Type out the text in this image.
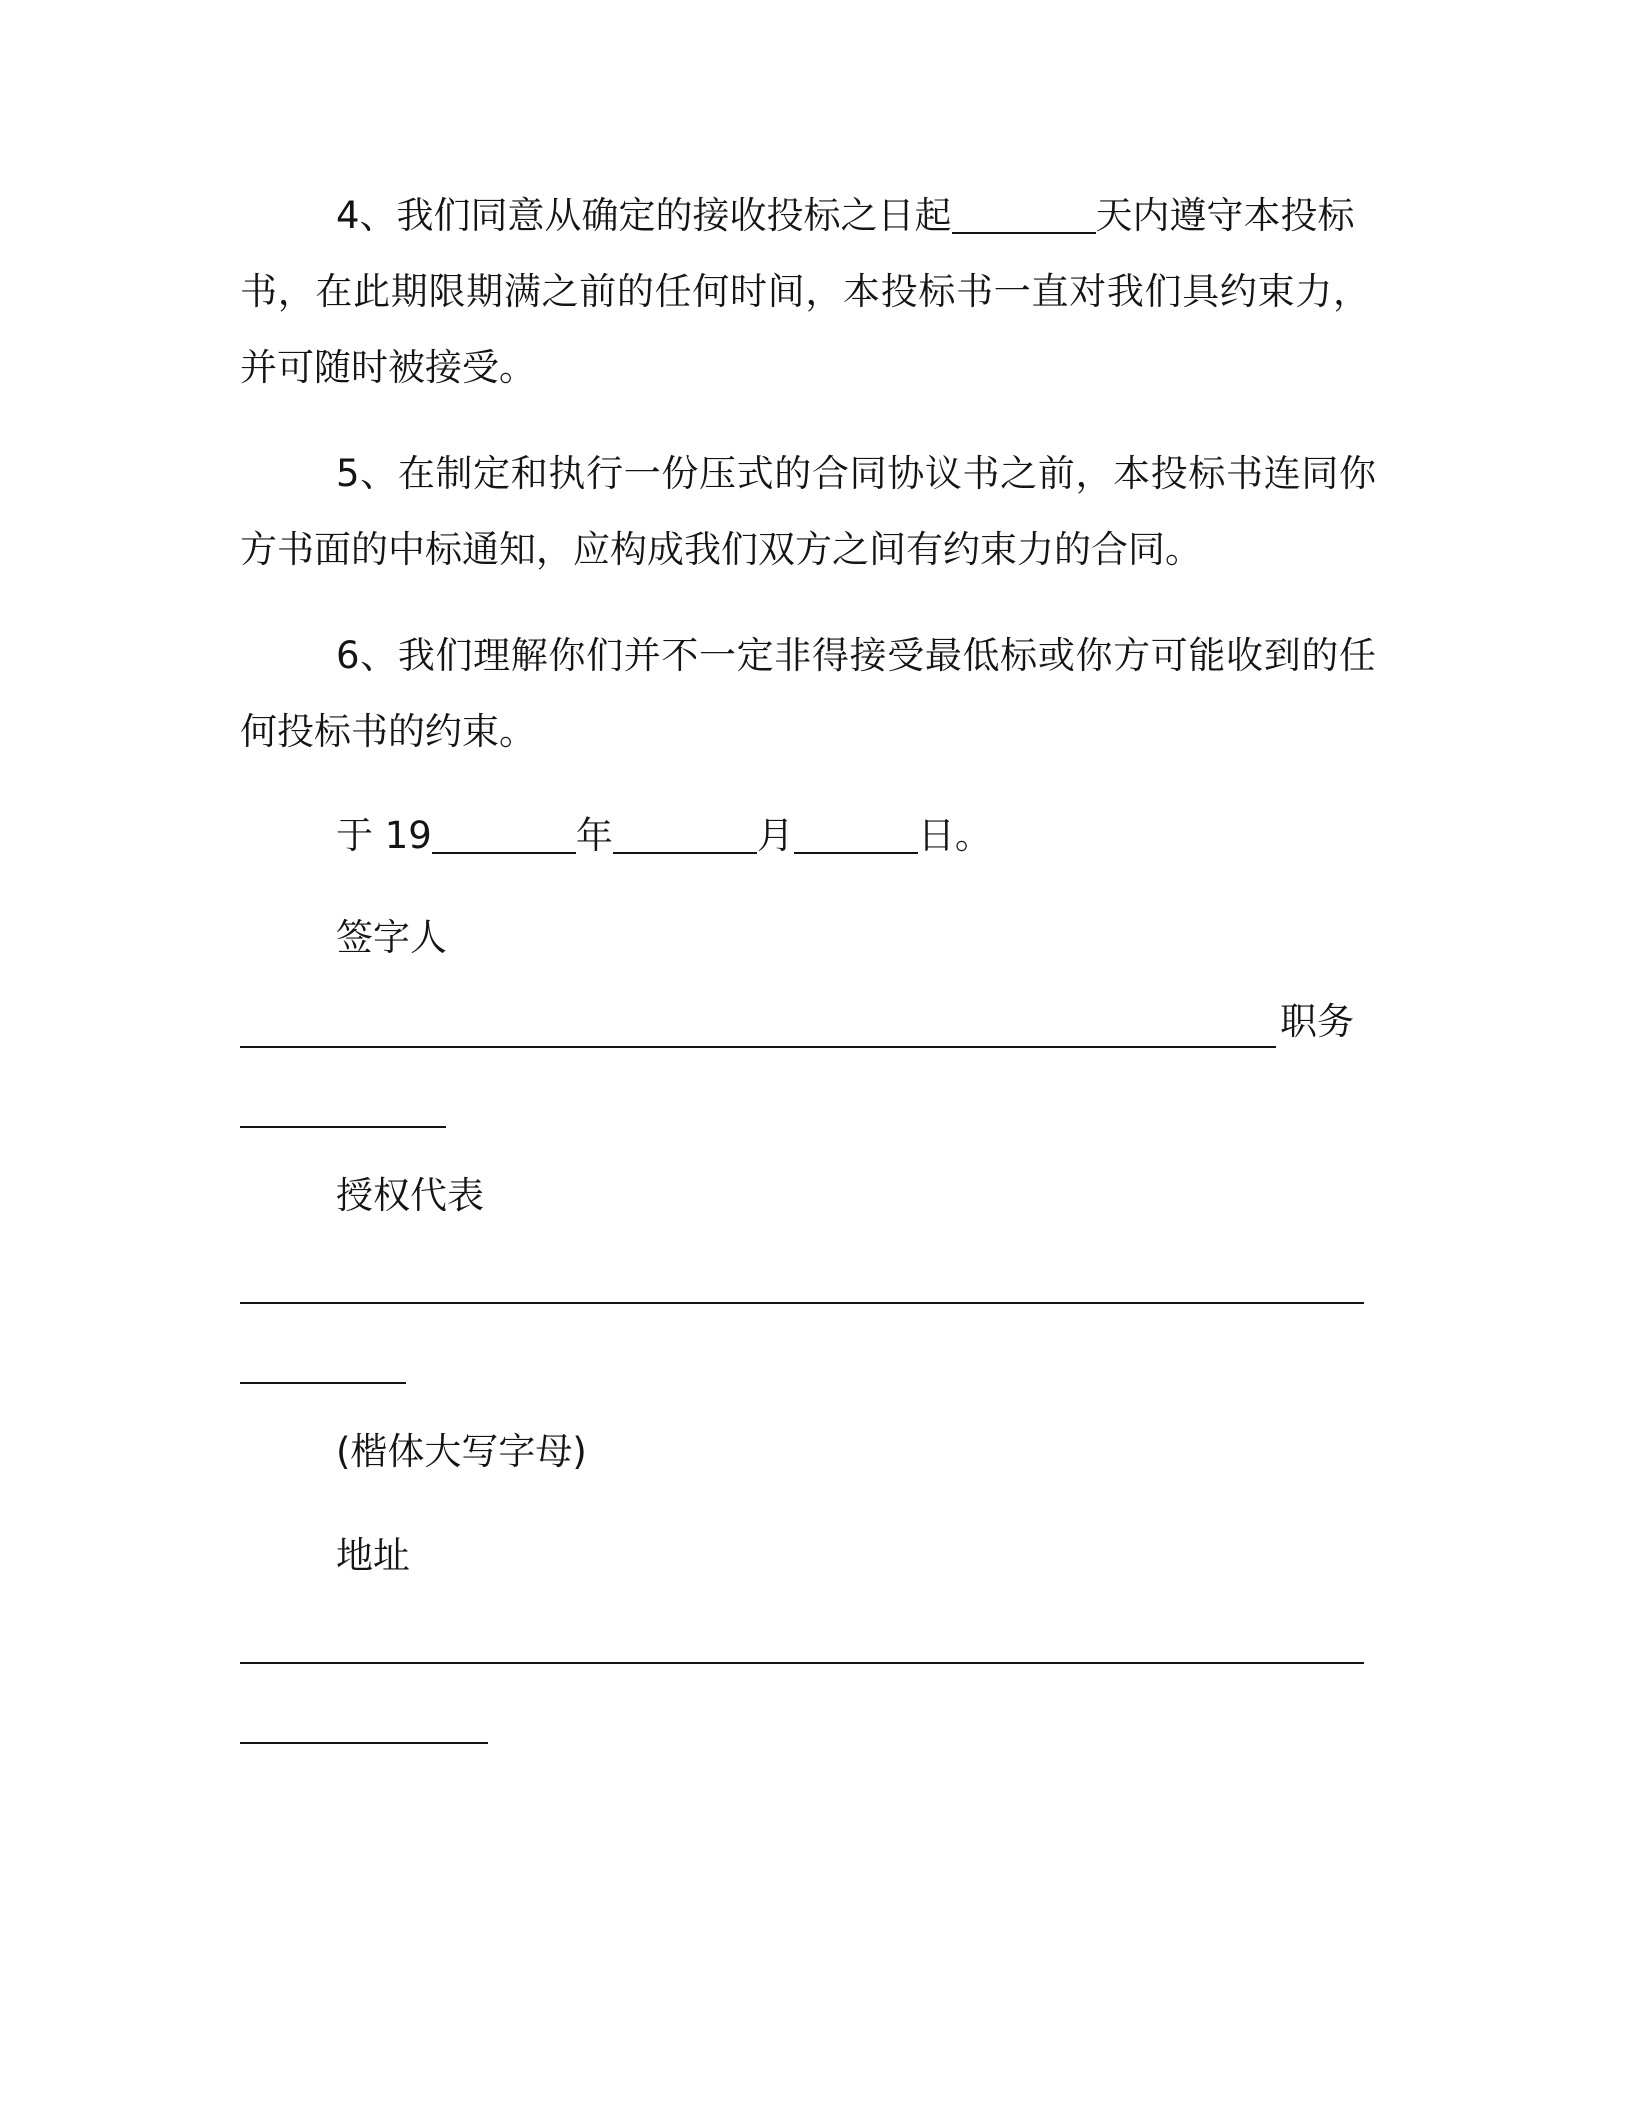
4、我们同意从确定的接收投标之日起	天内遵守本投标
书，在此期限期满之前的任何时间，本投标书一直对我们具约束力，
并可随时被接受。
5、在制定和执行一份压式的合同协议书之前，本投标书连同你
方书面的中标通知，应构成我们双方之间有约束力的合同。
6、我们理解你们并不一定非得接受最低标或你方可能收到的任
何投标书的约束。
于 19	年	月	日。
签字人
职务
授权代表
(楷体大写字母)
地址
